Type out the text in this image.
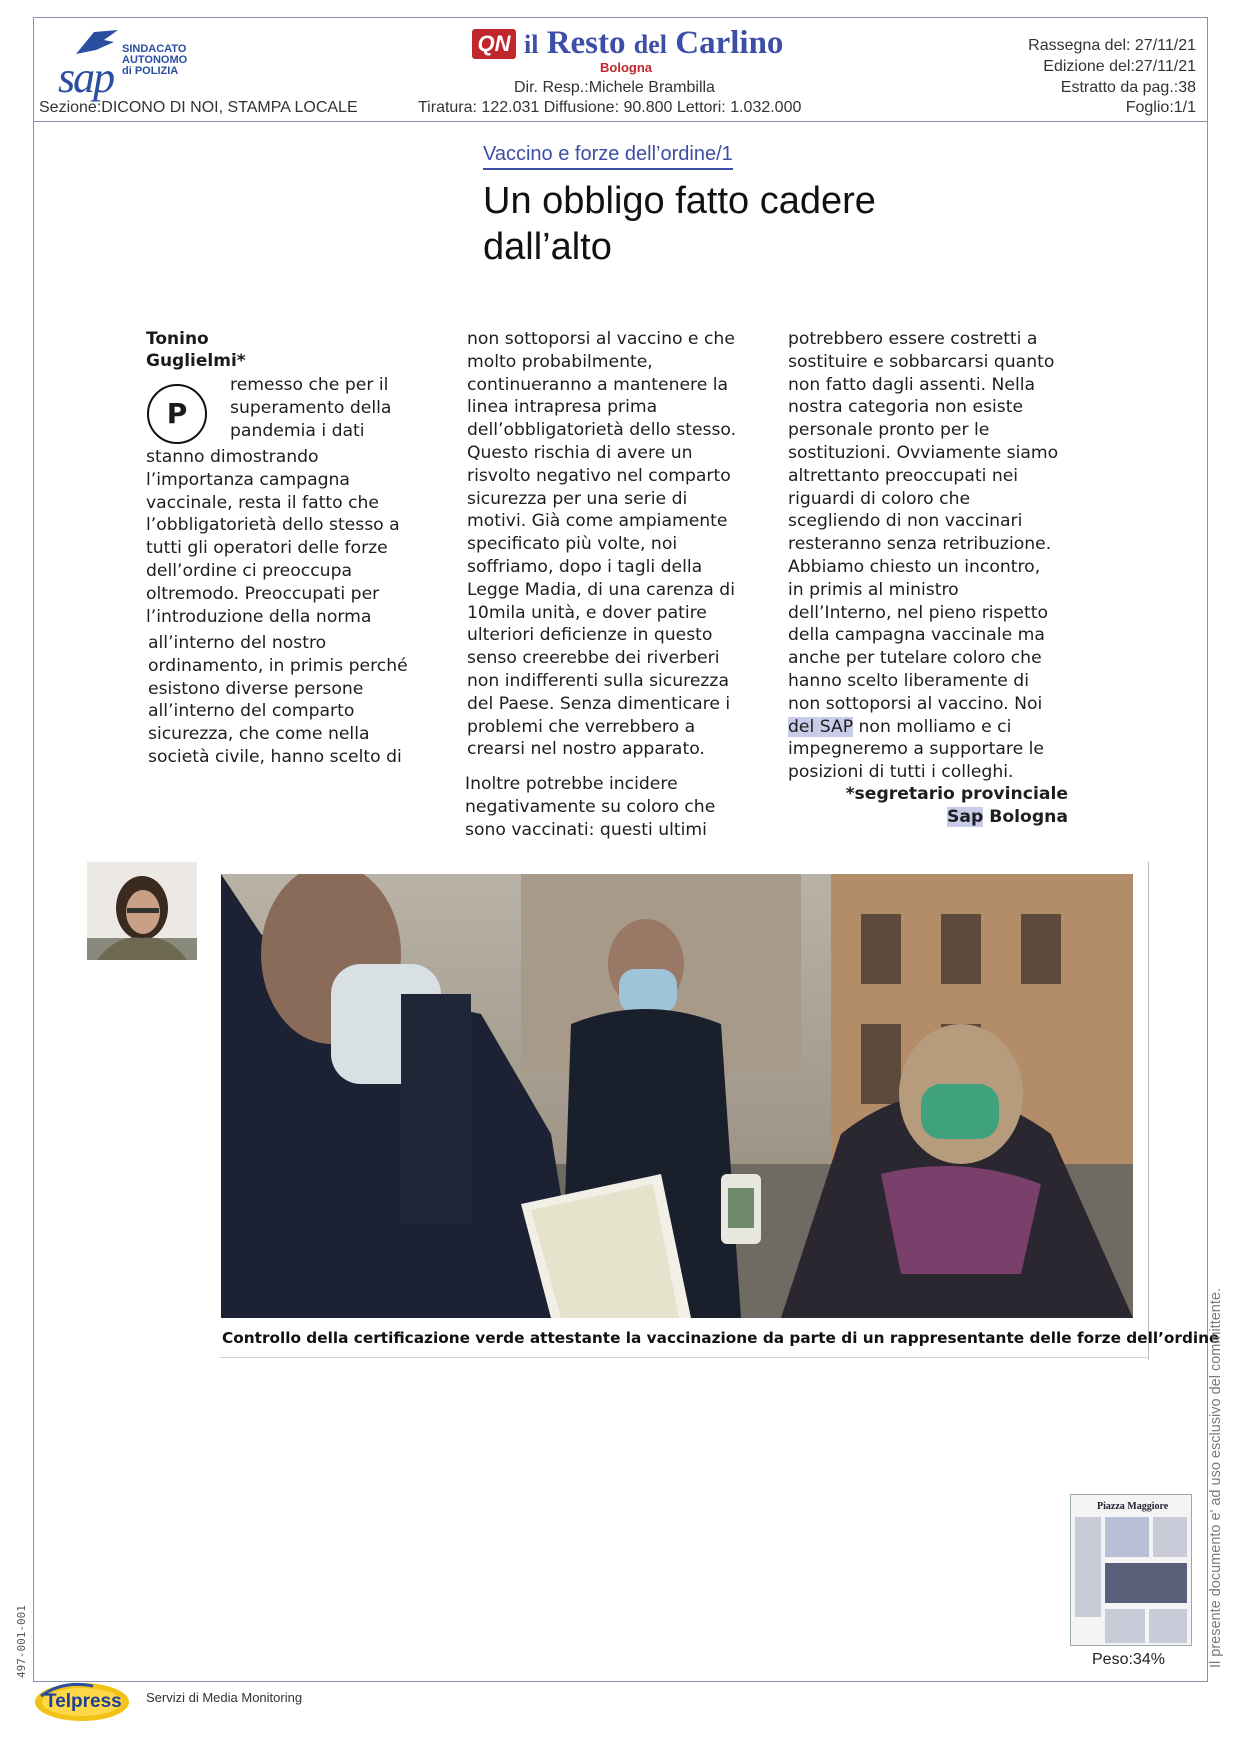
sap
SINDACATO
AUTONOMO
di POLIZIA
Sezione:DICONO DI NOI, STAMPA LOCALE
QN il Resto del Carlino
Bologna
Dir. Resp.:Michele Brambilla
Tiratura: 122.031 Diffusione: 90.800 Lettori: 1.032.000
Rassegna del: 27/11/21
Edizione del:27/11/21
Estratto da pag.:38
Foglio:1/1
Vaccino e forze dell’ordine/1
Un obbligo fatto cadere dall’alto
Tonino
Guglielmi*
P

remesso che per il

superamento della

pandemia i dati

stanno dimostrando

l’importanza campagna

vaccinale, resta il fatto che

l’obbligatorietà dello stesso a

tutti gli operatori delle forze

dell’ordine ci preoccupa

oltremodo. Preoccupati per

l’introduzione della norma

all’interno del nostro

ordinamento, in primis perché

esistono diverse persone

all’interno del comparto

sicurezza, che come nella

società civile, hanno scelto di

non sottoporsi al vaccino e che

molto probabilmente,

continueranno a mantenere la

linea intrapresa prima

dell’obbligatorietà dello stesso.

Questo rischia di avere un

risvolto negativo nel comparto

sicurezza per una serie di

motivi. Già come ampiamente

specificato più volte, noi

soffriamo, dopo i tagli della

Legge Madia, di una carenza di

10mila unità, e dover patire

ulteriori deficienze in questo

senso creerebbe dei riverberi

non indifferenti sulla sicurezza

del Paese. Senza dimenticare i

problemi che verrebbero a

crearsi nel nostro apparato.

Inoltre potrebbe incidere

negativamente su coloro che

sono vaccinati: questi ultimi

potrebbero essere costretti a

sostituire e sobbarcarsi quanto

non fatto dagli assenti. Nella

nostra categoria non esiste

personale pronto per le

sostituzioni. Ovviamente siamo

altrettanto preoccupati nei

riguardi di coloro che

scegliendo di non vaccinari

resteranno senza retribuzione.

Abbiamo chiesto un incontro,

in primis al ministro

dell’Interno, nel pieno rispetto

della campagna vaccinale ma

anche per tutelare coloro che

hanno scelto liberamente di

non sottoporsi al vaccino. Noi

del SAP non molliamo e ci

impegneremo a supportare le

posizioni di tutti i colleghi.

*segretario provinciale

Sap Bologna

Controllo della certificazione verde attestante la vaccinazione da parte di un rappresentante delle forze dell’ordine
Piazza Maggiore
Peso:34%	Il presente documento e' ad uso esclusivo del committente.
497-001-001
Telpress Servizi di Media Monitoring
